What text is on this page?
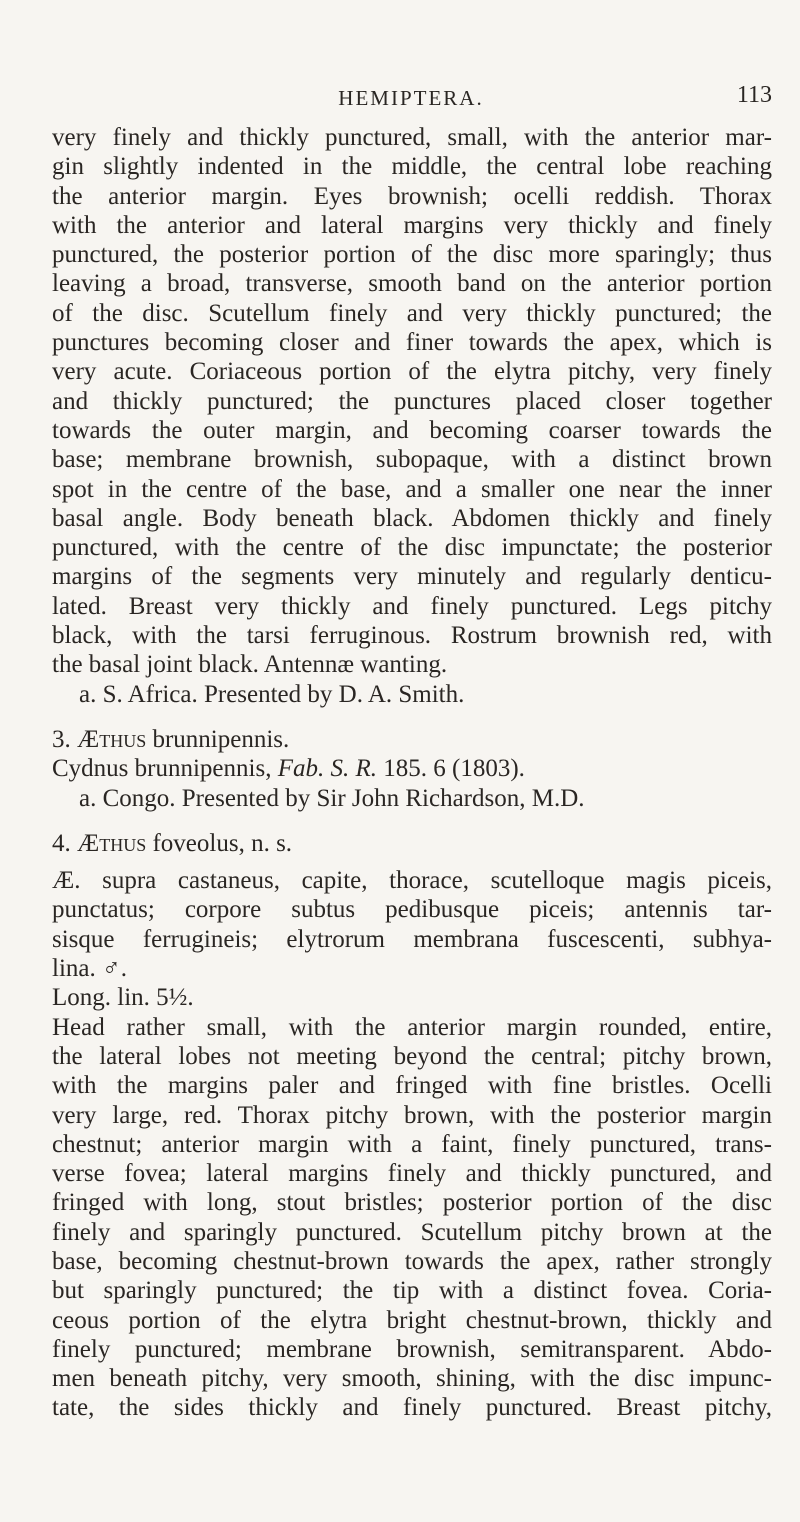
HEMIPTERA.	113
very finely and thickly punctured, small, with the anterior mar-
gin slightly indented in the middle, the central lobe reaching
the anterior margin. Eyes brownish; ocelli reddish. Thorax
with the anterior and lateral margins very thickly and finely
punctured, the posterior portion of the disc more sparingly; thus
leaving a broad, transverse, smooth band on the anterior portion
of the disc. Scutellum finely and very thickly punctured; the
punctures becoming closer and finer towards the apex, which is
very acute. Coriaceous portion of the elytra pitchy, very finely
and thickly punctured; the punctures placed closer together
towards the outer margin, and becoming coarser towards the
base; membrane brownish, subopaque, with a distinct brown
spot in the centre of the base, and a smaller one near the inner
basal angle. Body beneath black. Abdomen thickly and finely
punctured, with the centre of the disc impunctate; the posterior
margins of the segments very minutely and regularly denticu-
lated. Breast very thickly and finely punctured. Legs pitchy
black, with the tarsi ferruginous. Rostrum brownish red, with
the basal joint black. Antennæ wanting.
a. S. Africa. Presented by D. A. Smith.
3. Æthus brunnipennis.
Cydnus brunnipennis, Fab. S. R. 185. 6 (1803).
a. Congo. Presented by Sir John Richardson, M.D.
4. Æthus foveolus, n. s.
Æ. supra castaneus, capite, thorace, scutelloque magis piceis,
punctatus; corpore subtus pedibusque piceis; antennis tar-
sisque ferrugineis; elytrorum membrana fuscescenti, subhya-
lina. ♂.
Long. lin. 5½.
Head rather small, with the anterior margin rounded, entire,
the lateral lobes not meeting beyond the central; pitchy brown,
with the margins paler and fringed with fine bristles. Ocelli
very large, red. Thorax pitchy brown, with the posterior margin
chestnut; anterior margin with a faint, finely punctured, trans-
verse fovea; lateral margins finely and thickly punctured, and
fringed with long, stout bristles; posterior portion of the disc
finely and sparingly punctured. Scutellum pitchy brown at the
base, becoming chestnut-brown towards the apex, rather strongly
but sparingly punctured; the tip with a distinct fovea. Coria-
ceous portion of the elytra bright chestnut-brown, thickly and
finely punctured; membrane brownish, semitransparent. Abdo-
men beneath pitchy, very smooth, shining, with the disc impunc-
tate, the sides thickly and finely punctured. Breast pitchy,
